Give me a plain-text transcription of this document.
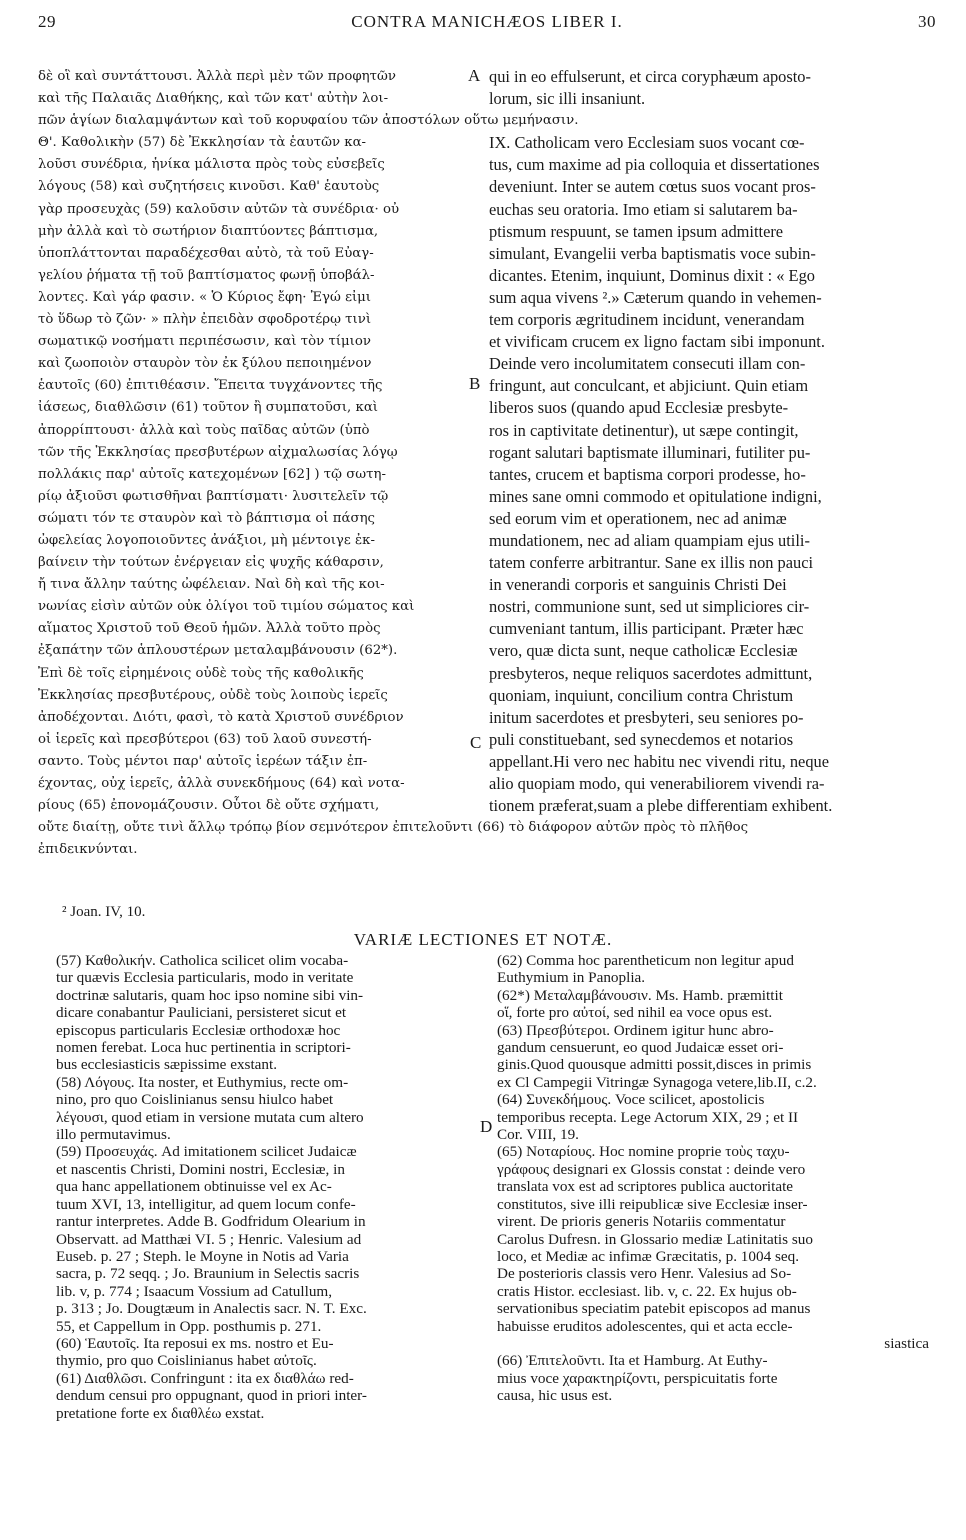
29	CONTRA MANICHÆOS LIBER I.	30
δὲ οἳ καὶ συντάττουσι. Ἀλλὰ περὶ μὲν τῶν προφητῶν
καὶ τῆς Παλαιᾶς Διαθήκης, καὶ τῶν κατ' αὐτὴν λοι-
πῶν ἁγίων διαλαμψάντων καὶ τοῦ κορυφαίου τῶν ἀποστόλων οὕτω μεμήνασιν.
Θ'. Καθολικὴν (57) δὲ Ἐκκλησίαν τὰ ἑαυτῶν κα-
λοῦσι συνέδρια, ἡνίκα μάλιστα πρὸς τοὺς εὐσεβεῖς
λόγους (58) καὶ συζητήσεις κινοῦσι. Καθ' ἑαυτοὺς
γὰρ προσευχὰς (59) καλοῦσιν αὐτῶν τὰ συνέδρια· οὐ
μὴν ἀλλὰ καὶ τὸ σωτήριον διαπτύοντες βάπτισμα,
ὑποπλάττονται παραδέχεσθαι αὐτὸ, τὰ τοῦ Εὐαγ-
γελίου ῥήματα τῇ τοῦ βαπτίσματος φωνῇ ὑποβάλ-
λοντες. Καὶ γάρ φασιν. « Ὁ Κύριος ἔφη· Ἐγώ εἰμι
τὸ ὕδωρ τὸ ζῶν· » πλὴν ἐπειδὰν σφοδροτέρῳ τινὶ
σωματικῷ νοσήματι περιπέσωσιν, καὶ τὸν τίμιον
καὶ ζωοποιὸν σταυρὸν τὸν ἐκ ξύλου πεποιημένον
ἑαυτοῖς (60) ἐπιτιθέασιν. Ἔπειτα τυγχάνοντες τῆς
ἰάσεως, διαθλῶσιν (61) τοῦτον ἢ συμπατοῦσι, καὶ
ἀπορρίπτουσι· ἀλλὰ καὶ τοὺς παῖδας αὐτῶν (ὑπὸ
τῶν τῆς Ἐκκλησίας πρεσβυτέρων αἰχμαλωσίας λόγῳ
πολλάκις παρ' αὐτοῖς κατεχομένων [62] ) τῷ σωτη-
ρίῳ ἀξιοῦσι φωτισθῆναι βαπτίσματι· λυσιτελεῖν τῷ
σώματι τόν τε σταυρὸν καὶ τὸ βάπτισμα οἱ πάσης
ὠφελείας λογοποιοῦντες ἀνάξιοι, μὴ μέντοιγε ἐκ-
βαίνειν τὴν τούτων ἐνέργειαν εἰς ψυχῆς κάθαρσιν,
ἤ τινα ἄλλην ταύτης ὠφέλειαν. Ναὶ δὴ καὶ τῆς κοι-
νωνίας εἰσὶν αὐτῶν οὐκ ὀλίγοι τοῦ τιμίου σώματος καὶ
αἵματος Χριστοῦ τοῦ Θεοῦ ἡμῶν. Ἀλλὰ τοῦτο πρὸς
ἐξαπάτην τῶν ἁπλουστέρων μεταλαμβάνουσιν (62*).
Ἐπὶ δὲ τοῖς εἰρημένοις οὐδὲ τοὺς τῆς καθολικῆς
Ἐκκλησίας πρεσβυτέρους, οὐδὲ τοὺς λοιποὺς ἱερεῖς
ἀποδέχονται. Διότι, φασὶ, τὸ κατὰ Χριστοῦ συνέδριον
οἱ ἱερεῖς καὶ πρεσβύτεροι (63) τοῦ λαοῦ συνεστή-
σαντο. Τοὺς μέντοι παρ' αὐτοῖς ἱερέων τάξιν ἐπ-
έχοντας, οὐχ ἱερεῖς, ἀλλὰ συνεκδήμους (64) καὶ νοτα-
ρίους (65) ἐπονομάζουσιν. Οὗτοι δὲ οὔτε σχήματι,
οὔτε διαίτῃ, οὔτε τινὶ ἄλλῳ τρόπῳ βίον σεμνότερον ἐπιτελοῦντι (66) τὸ διάφορον αὐτῶν πρὸς τὸ πλῆθος
ἐπιδεικνύνται.
qui in eo effulserunt, et circa coryphæum aposto-
lorum, sic illi insaniunt.

IX. Catholicam vero Ecclesiam suos vocant cœ-
tus, cum maxime ad pia colloquia et dissertationes
deveniunt. Inter se autem cœtus suos vocant pros-
euchas seu oratoria. Imo etiam si salutarem ba-
ptismum respuunt, se tamen ipsum admittere
simulant, Evangelii verba baptismatis voce subin-
dicantes. Etenim, inquiunt, Dominus dixit : « Ego
sum aqua vivens ².» Cæterum quando in vehemen-
tem corporis ægritudinem incidunt, venerandam
et vivificam crucem ex ligno factam sibi imponunt.
Deinde vero incolumitatem consecuti illam con-
fringunt, aut conculcant, et abjiciunt. Quin etiam
liberos suos (quando apud Ecclesiæ presbyte-
ros in captivitate detinentur), ut sæpe contingit,
rogant salutari baptismate illuminari, futiliter pu-
tantes, crucem et baptisma corpori prodesse, ho-
mines sane omni commodo et opitulatione indigni,
sed eorum vim et operationem, nec ad animæ
mundationem, nec ad aliam quampiam ejus utili-
tatem conferre arbitrantur. Sane ex illis non pauci
in venerandi corporis et sanguinis Christi Dei
nostri, communione sunt, sed ut simpliciores cir-
cumveniant tantum, illis participant. Præter hæc
vero, quæ dicta sunt, neque catholicæ Ecclesiæ
presbyteros, neque reliquos sacerdotes admittunt,
quoniam, inquiunt, concilium contra Christum
initum sacerdotes et presbyteri, seu seniores po-
puli constituebant, sed synecdemos et notarios
appellant.Hi vero nec habitu nec vivendi ritu, neque
alio quopiam modo, qui venerabiliorem vivendi ra-
tionem præferat,suam a plebe differentiam exhibent.
A
B
C
D
² Joan. IV, 10.
VARIÆ LECTIONES ET NOTÆ.
(57) Καθολικήν. Catholica scilicet olim vocaba-
tur quævis Ecclesia particularis, modo in veritate
doctrinæ salutaris, quam hoc ipso nomine sibi vin-
dicare conabantur Pauliciani, persisteret sicut et
episcopus particularis Ecclesiæ orthodoxæ hoc
nomen ferebat. Loca huc pertinentia in scriptori-
bus ecclesiasticis sæpissime exstant.
(58) Λόγους. Ita noster, et Euthymius, recte om-
nino, pro quo Coislinianus sensu hiulco habet
λέγουσι, quod etiam in versione mutata cum altero
illo permutavimus.
(59) Προσευχάς. Ad imitationem scilicet Judaicæ
et nascentis Christi, Domini nostri, Ecclesiæ, in
qua hanc appellationem obtinuisse vel ex Ac-
tuum XVI, 13, intelligitur, ad quem locum confe-
rantur interpretes. Adde B. Godfridum Olearium in
Observatt. ad Matthæi VI. 5 ; Henric. Valesium ad
Euseb. p. 27 ; Steph. le Moyne in Notis ad Varia
sacra, p. 72 seqq. ; Jo. Braunium in Selectis sacris
lib. v, p. 774 ; Isaacum Vossium ad Catullum,
p. 313 ; Jo. Dougtæum in Analectis sacr. N. T. Exc.
55, et Cappellum in Opp. posthumis p. 271.
(60) Ἑαυτοῖς. Ita reposui ex ms. nostro et Eu-
thymio, pro quo Coislinianus habet αὐτοῖς.
(61) Διαθλῶσι. Confringunt : ita ex διαθλάω red-
dendum censui pro oppugnant, quod in priori inter-
pretatione forte ex διαθλέω exstat.
(62) Comma hoc parentheticum non legitur apud
Euthymium in Panoplia.
(62*) Μεταλαμβάνουσιν. Ms. Hamb. præmittit
οἵ, forte pro αὐτοί, sed nihil ea voce opus est.
(63) Πρεσβύτεροι. Ordinem igitur hunc abro-
gandum censuerunt, eo quod Judaicæ esset ori-
ginis.Quod quousque admitti possit,disces in primis
ex Cl Campegii Vitringæ Synagoga vetere,lib.II, c.2.
(64) Συνεκδήμους. Voce scilicet, apostolicis
temporibus recepta. Lege Actorum XIX, 29 ; et II
Cor. VIII, 19.
(65) Νοταρίους. Hoc nomine proprie τοὺς ταχυ-
γράφους designari ex Glossis constat : deinde vero
translata vox est ad scriptores publica auctoritate
constitutos, sive illi reipublicæ sive Ecclesiæ inser-
virent. De prioris generis Notariis commentatur
Carolus Dufresn. in Glossario mediæ Latinitatis suo
loco, et Mediæ ac infimæ Græcitatis, p. 1004 seq.
De posterioris classis vero Henr. Valesius ad So-
cratis Histor. ecclesiast. lib. v, c. 22. Ex hujus ob-
servationibus speciatim patebit episcopos ad manus
habuisse eruditos adolescentes, qui et acta eccle-
siastica
(66) Ἐπιτελοῦντι. Ita et Hamburg. At Euthy-
mius voce χαρακτηρίζοντι, perspicuitatis forte
causa, hic usus est.
